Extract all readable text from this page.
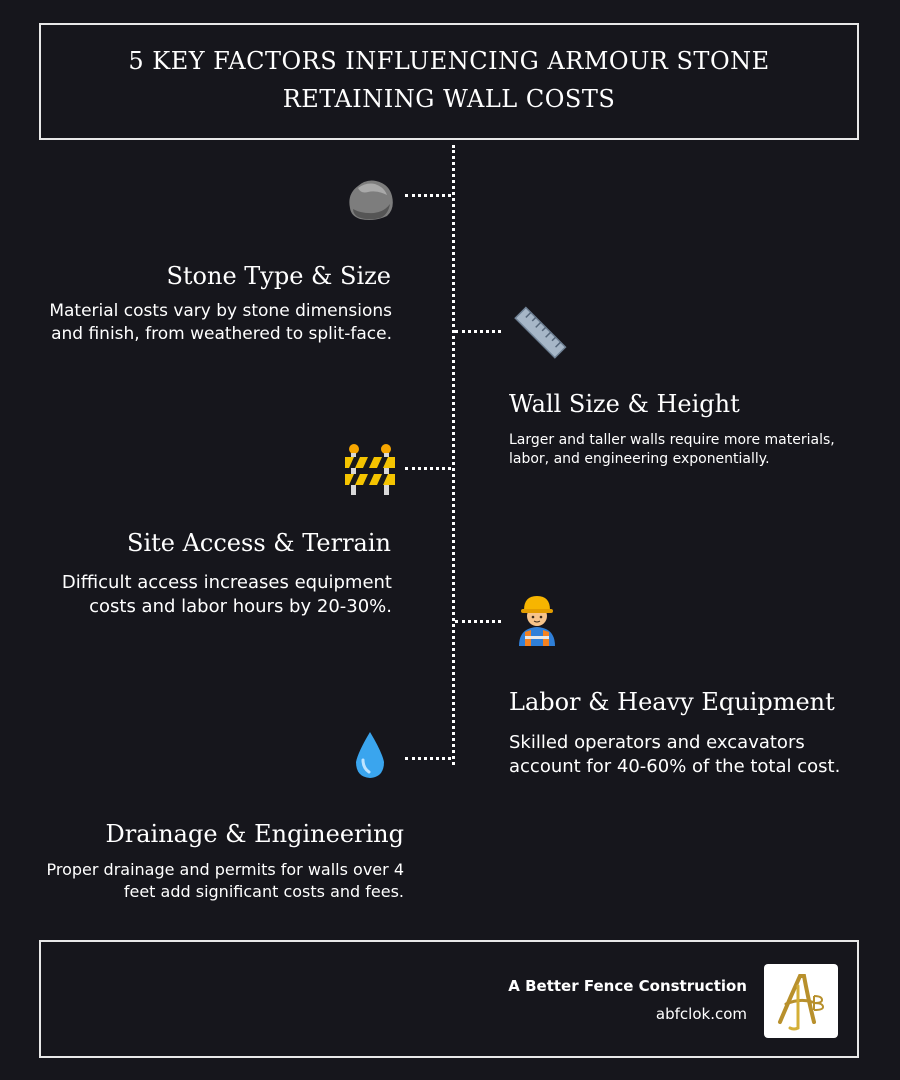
5 KEY FACTORS INFLUENCING ARMOUR STONE
RETAINING WALL COSTS
Stone Type & Size
Material costs vary by stone dimensions and finish, from weathered to split-face.
Wall Size & Height
Larger and taller walls require more materials, labor, and engineering exponentially.
Site Access & Terrain
Difficult access increases equipment costs and labor hours by 20-30%.
Labor & Heavy Equipment
Skilled operators and excavators account for 40-60% of the total cost.
Drainage & Engineering
Proper drainage and permits for walls over 4 feet add significant costs and fees.
A Better Fence Construction
abfclok.com
